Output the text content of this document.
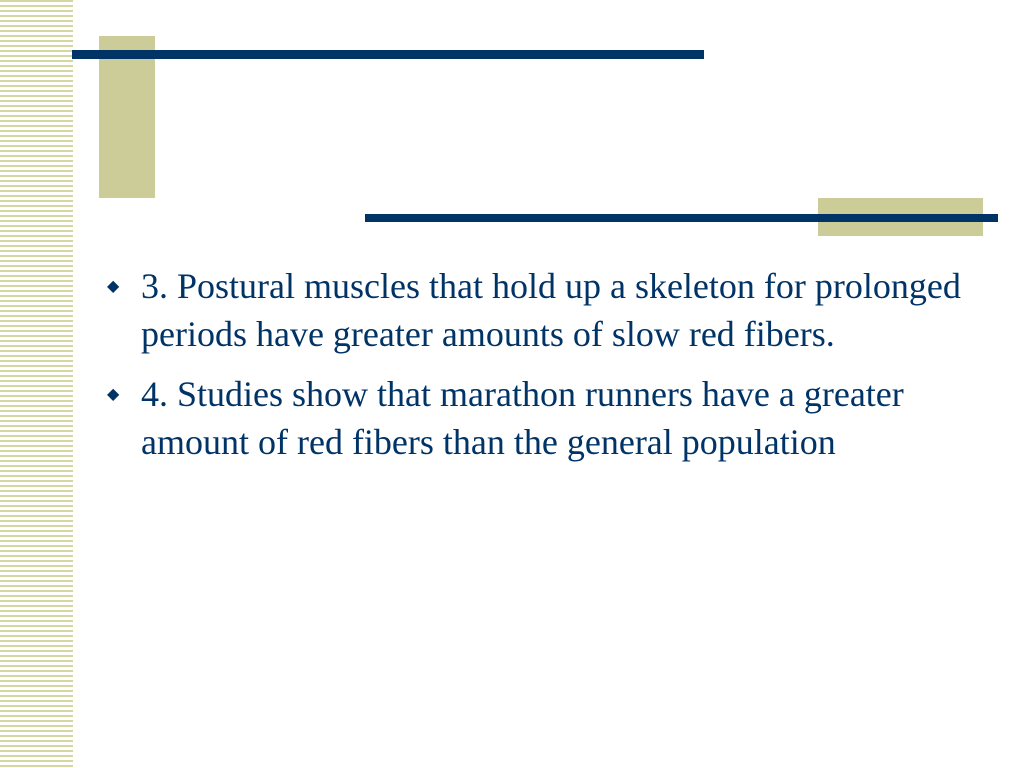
◆ 3. Postural muscles that hold up a skeleton for prolonged periods have greater amounts of slow red fibers.
◆ 4. Studies show that marathon runners have a greater amount of red fibers than the general population
